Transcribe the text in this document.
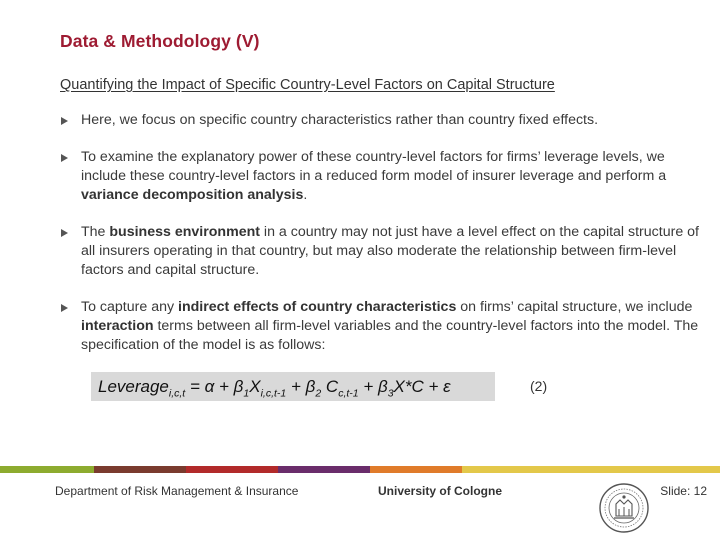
Data & Methodology (V)
Quantifying the Impact of Specific Country-Level Factors on Capital Structure
Here, we focus on specific country characteristics rather than country fixed effects.
To examine the explanatory power of these country-level factors for firms’ leverage levels, we include these country-level factors in a reduced form model of insurer leverage and perform a variance decomposition analysis.
The business environment in a country may not just have a level effect on the capital structure of all insurers operating in that country, but may also moderate the relationship between firm-level factors and capital structure.
To capture any indirect effects of country characteristics on firms’ capital structure, we include interaction terms between all firm-level variables and the country-level factors into the model. The specification of the model is as follows:
Leverage$_{i,c,t}$ = $\alpha + \beta_1X_{i,c,t-1} + \beta_2$ $C_{c,t-1} + \beta_3X*C + \varepsilon$	(2)
Department of Risk Management & Insurance	University of Cologne	Slide: 12
